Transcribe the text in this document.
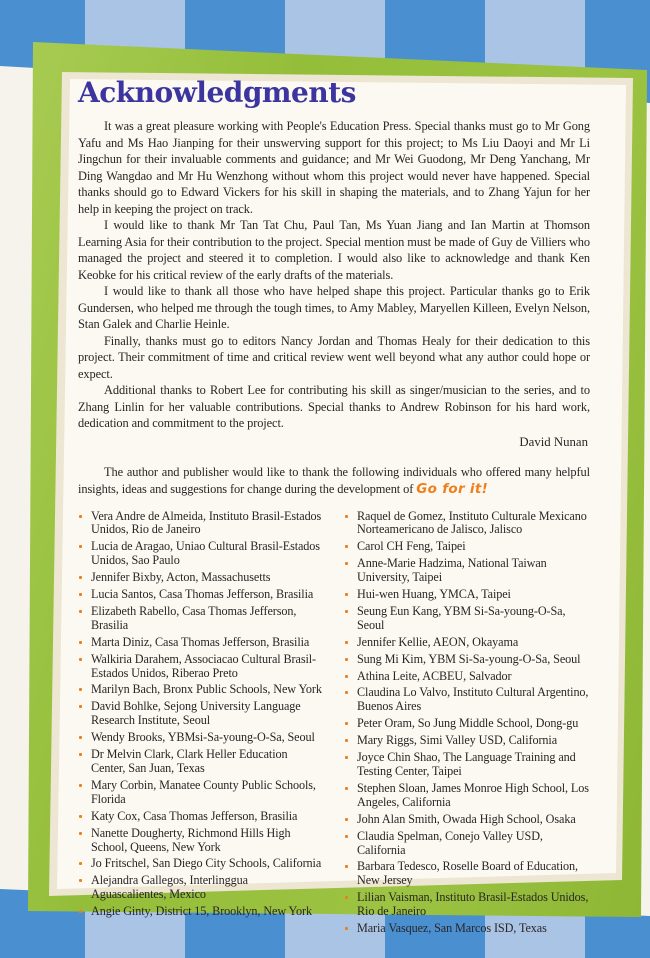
Acknowledgments

It was a great pleasure working with People's Education Press. Special thanks must go to Mr Gong Yafu and Ms Hao Jianping for their unswerving support for this project; to Ms Liu Daoyi and Mr Li Jingchun for their invaluable comments and guidance; and Mr Wei Guodong, Mr Deng Yanchang, Mr Ding Wangdao and Mr Hu Wenzhong without whom this project would never have happened. Special thanks should go to Edward Vickers for his skill in shaping the materials, and to Zhang Yajun for her help in keeping the project on track.

I would like to thank Mr Tan Tat Chu, Paul Tan, Ms Yuan Jiang and Ian Martin at Thomson Learning Asia for their contribution to the project. Special mention must be made of Guy de Villiers who managed the project and steered it to completion. I would also like to acknowledge and thank Ken Keobke for his critical review of the early drafts of the materials.

I would like to thank all those who have helped shape this project. Particular thanks go to Erik Gundersen, who helped me through the tough times, to Amy Mabley, Maryellen Killeen, Evelyn Nelson, Stan Galek and Charlie Heinle.

Finally, thanks must go to editors Nancy Jordan and Thomas Healy for their dedication to this project. Their commitment of time and critical review went well beyond what any author could hope or expect.

Additional thanks to Robert Lee for contributing his skill as singer/musician to the series, and to Zhang Linlin for her valuable contributions. Special thanks to Andrew Robinson for his hard work, dedication and commitment to the project.

David Nunan

The author and publisher would like to thank the following individuals who offered many helpful insights, ideas and suggestions for change during the development of Go for it!

Vera Andre de Almeida, Instituto Brasil-Estados Unidos, Rio de Janeiro
Lucia de Aragao, Uniao Cultural Brasil-Estados Unidos, Sao Paulo
Jennifer Bixby, Acton, Massachusetts
Lucia Santos, Casa Thomas Jefferson, Brasilia
Elizabeth Rabello, Casa Thomas Jefferson, Brasilia
Marta Diniz, Casa Thomas Jefferson, Brasilia
Walkiria Darahem, Associacao Cultural Brasil-Estados Unidos, Riberao Preto
Marilyn Bach, Bronx Public Schools, New York
David Bohlke, Sejong University Language Research Institute, Seoul
Wendy Brooks, YBMsi-Sa-young-O-Sa, Seoul
Dr Melvin Clark, Clark Heller Education Center, San Juan, Texas
Mary Corbin, Manatee County Public Schools, Florida
Katy Cox, Casa Thomas Jefferson, Brasilia
Nanette Dougherty, Richmond Hills High School, Queens, New York
Jo Fritschel, San Diego City Schools, California
Alejandra Gallegos, Interlinggua Aguascalientes, Mexico
Angie Ginty, District 15, Brooklyn, New York
Raquel de Gomez, Instituto Culturale Mexicano Norteamericano de Jalisco, Jalisco
Carol CH Feng, Taipei
Anne-Marie Hadzima, National Taiwan University, Taipei
Hui-wen Huang, YMCA, Taipei
Seung Eun Kang, YBM Si-Sa-young-O-Sa, Seoul
Jennifer Kellie, AEON, Okayama
Sung Mi Kim, YBM Si-Sa-young-O-Sa, Seoul
Athina Leite, ACBEU, Salvador
Claudina Lo Valvo, Instituto Cultural Argentino, Buenos Aires
Peter Oram, So Jung Middle School, Dong-gu
Mary Riggs, Simi Valley USD, California
Joyce Chin Shao, The Language Training and Testing Center, Taipei
Stephen Sloan, James Monroe High School, Los Angeles, California
John Alan Smith, Owada High School, Osaka
Claudia Spelman, Conejo Valley USD, California
Barbara Tedesco, Roselle Board of Education, New Jersey
Lilian Vaisman, Instituto Brasil-Estados Unidos, Rio de Janeiro
Maria Vasquez, San Marcos ISD, Texas
